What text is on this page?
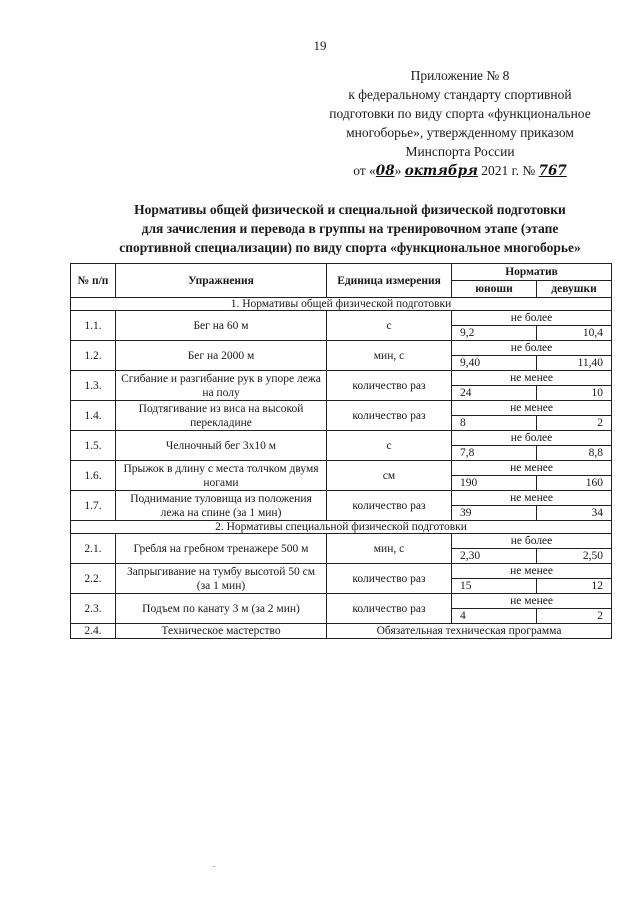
19
Приложение № 8
к федеральному стандарту спортивной
подготовки по виду спорта «функциональное
многоборье», утвержденному приказом
Минспорта России
от «08» октября 2021 г. № 767
Нормативы общей физической и специальной физической подготовки
для зачисления и перевода в группы на тренировочном этапе (этапе
спортивной специализации) по виду спорта «функциональное многоборье»
№ п/п	Упражнения	Единица измерения	Норматив	
			юноши	девушки
1. Нормативы общей физической подготовки				
1.1.	Бег на 60 м	с	не более	
			9,2	10,4
1.2.	Бег на 2000 м	мин, с	не более	
			9,40	11,40
1.3.	Сгибание и разгибание рук в упоре лежа на полу	количество раз	не менее	
			24	10
1.4.	Подтягивание из виса на высокой перекладине	количество раз	не менее	
			8	2
1.5.	Челночный бег 3x10 м	с	не более	
			7,8	8,8
1.6.	Прыжок в длину с места толчком двумя ногами	см	не менее	
			190	160
1.7.	Поднимание туловища из положения лежа на спине (за 1 мин)	количество раз	не менее	
			39	34
2. Нормативы специальной физической подготовки				
2.1.	Гребля на гребном тренажере 500 м	мин, с	не более	
			2,30	2,50
2.2.	Запрыгивание на тумбу высотой 50 см (за 1 мин)	количество раз	не менее	
			15	12
2.3.	Подъем по канату 3 м (за 2 мин)	количество раз	не менее	
			4	2
2.4.	Техническое мастерство	Обязательная техническая программа		
.
